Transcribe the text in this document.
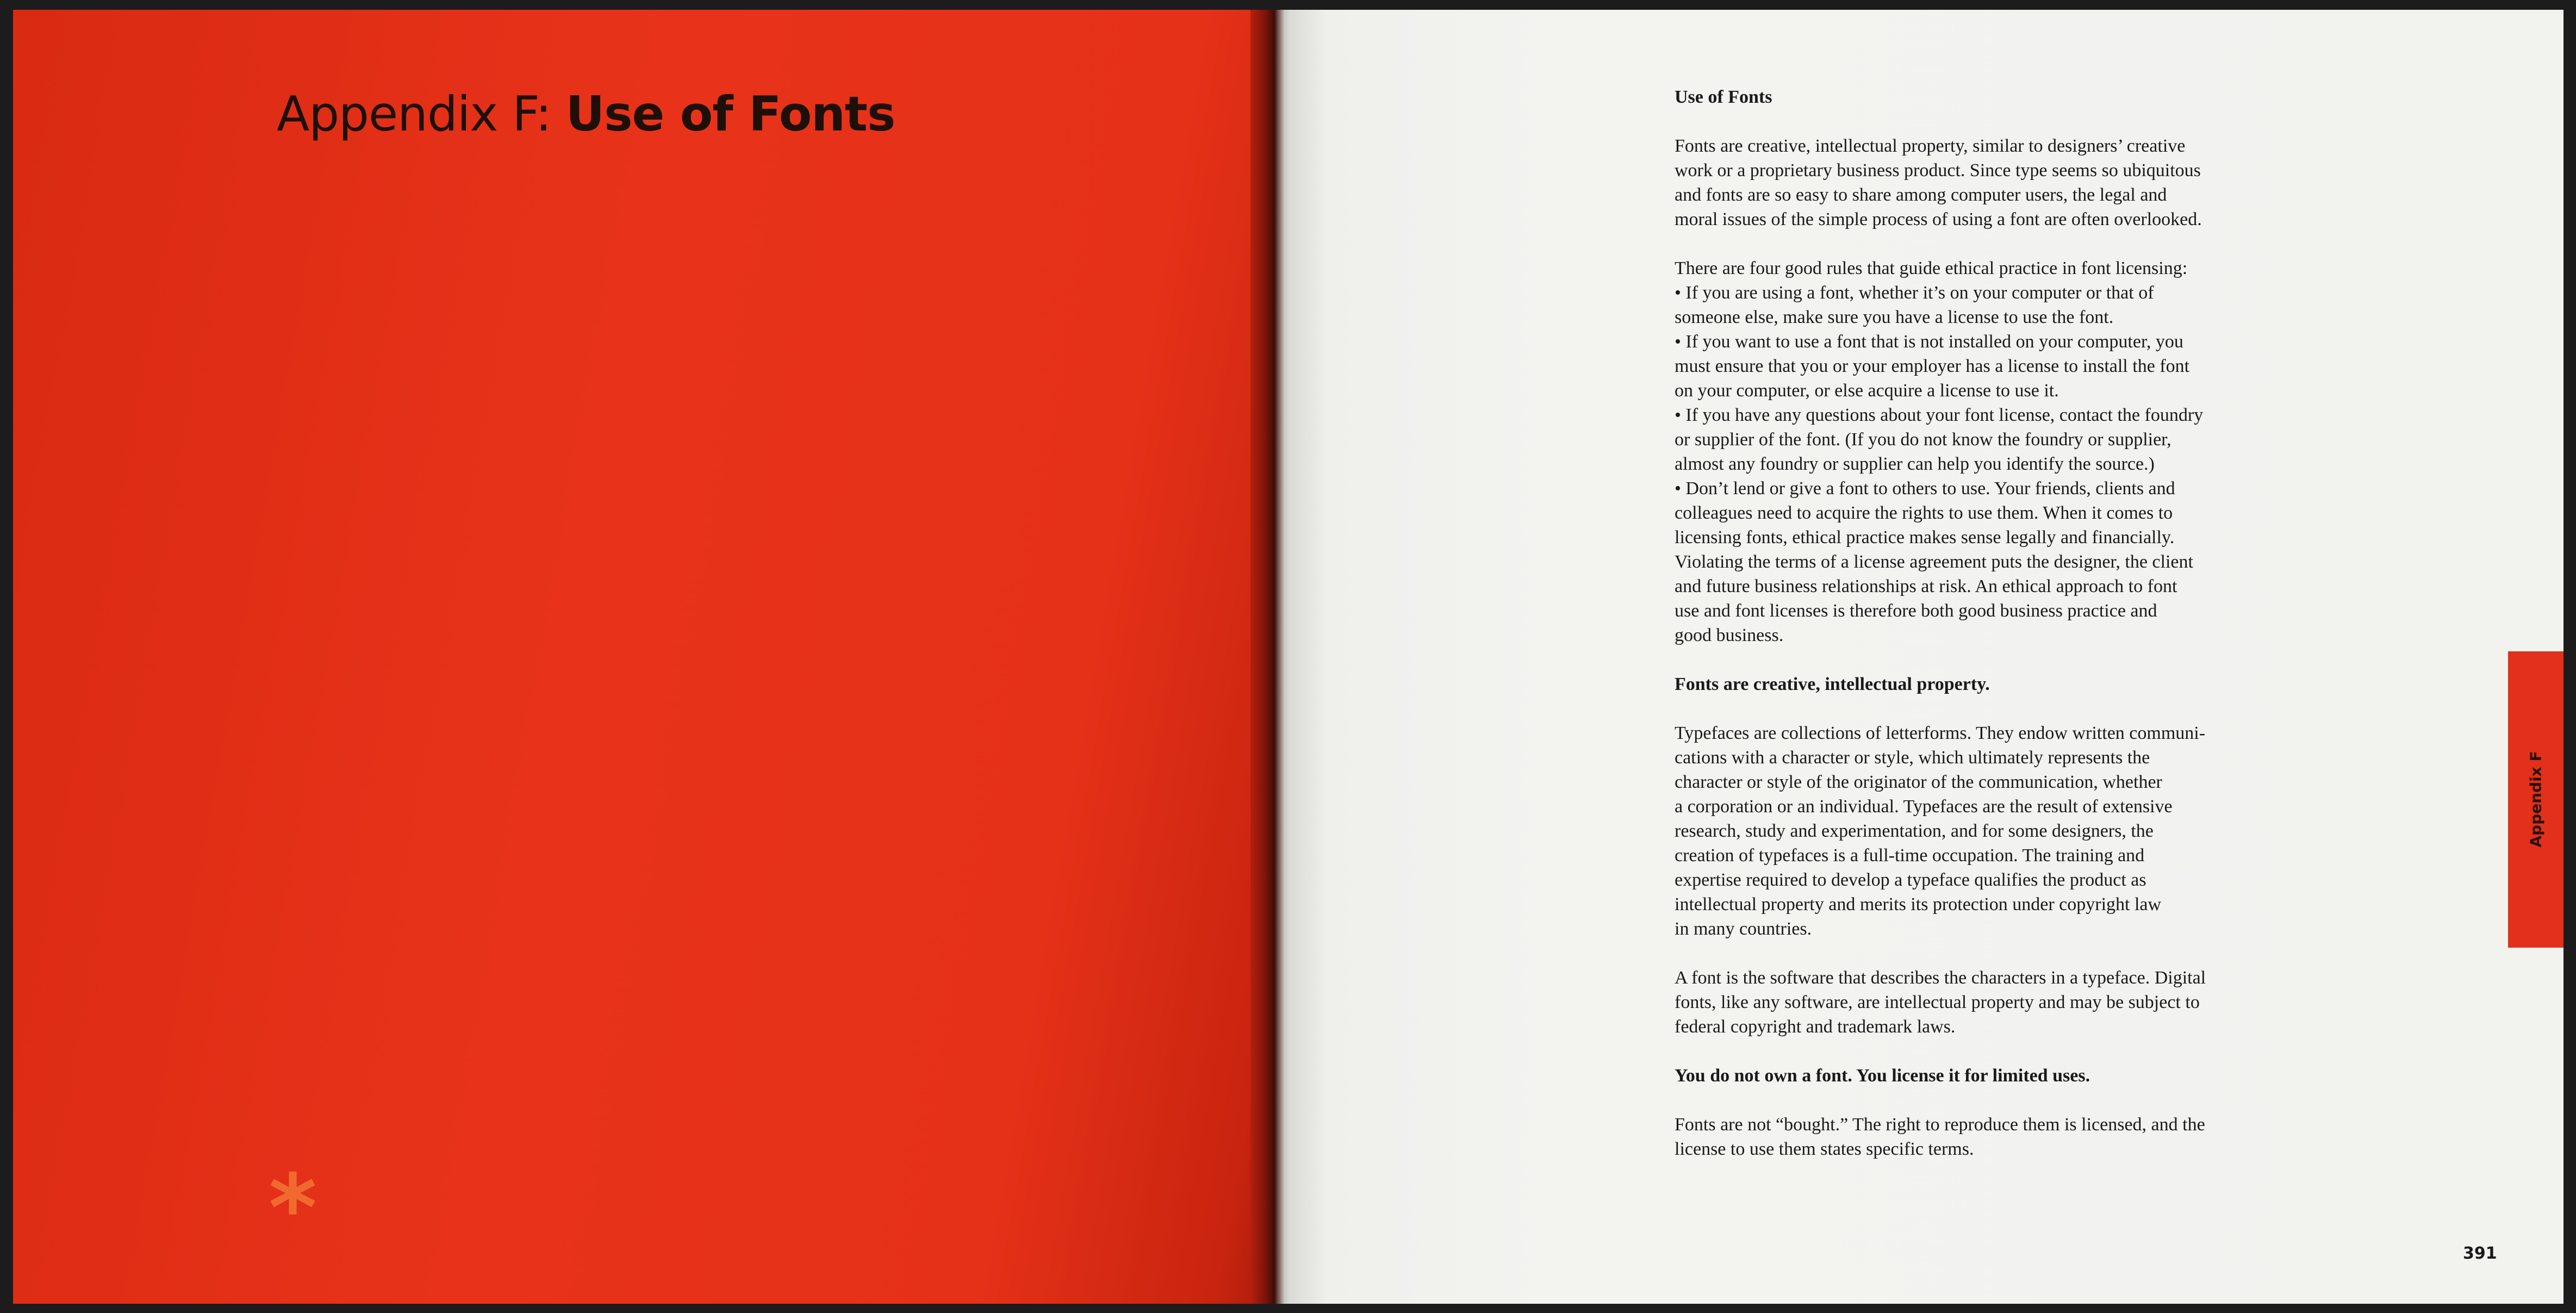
Appendix F: Use of Fonts
*

Use of Fonts

Fonts are creative, intellectual property, similar to designers’ creative

work or a proprietary business product. Since type seems so ubiquitous

and fonts are so easy to share among computer users, the legal and

moral issues of the simple process of using a font are often overlooked.

There are four good rules that guide ethical practice in font licensing:

• If you are using a font, whether it’s on your computer or that of

someone else, make sure you have a license to use the font.

• If you want to use a font that is not installed on your computer, you

must ensure that you or your employer has a license to install the font

on your computer, or else acquire a license to use it.

• If you have any questions about your font license, contact the foundry

or supplier of the font. (If you do not know the foundry or supplier,

almost any foundry or supplier can help you identify the source.)

• Don’t lend or give a font to others to use. Your friends, clients and

colleagues need to acquire the rights to use them. When it comes to

licensing fonts, ethical practice makes sense legally and financially.

Violating the terms of a license agreement puts the designer, the client

and future business relationships at risk. An ethical approach to font

use and font licenses is therefore both good business practice and

good business.

Fonts are creative, intellectual property.

Typefaces are collections of letterforms. They endow written communi-

cations with a character or style, which ultimately represents the

character or style of the originator of the communication, whether

a corporation or an individual. Typefaces are the result of extensive

research, study and experimentation, and for some designers, the

creation of typefaces is a full-time occupation. The training and

expertise required to develop a typeface qualifies the product as

intellectual property and merits its protection under copyright law

in many countries.

A font is the software that describes the characters in a typeface. Digital

fonts, like any software, are intellectual property and may be subject to

federal copyright and trademark laws.

You do not own a font. You license it for limited uses.

Fonts are not “bought.” The right to reproduce them is licensed, and the

license to use them states specific terms.

Appendix F
391
